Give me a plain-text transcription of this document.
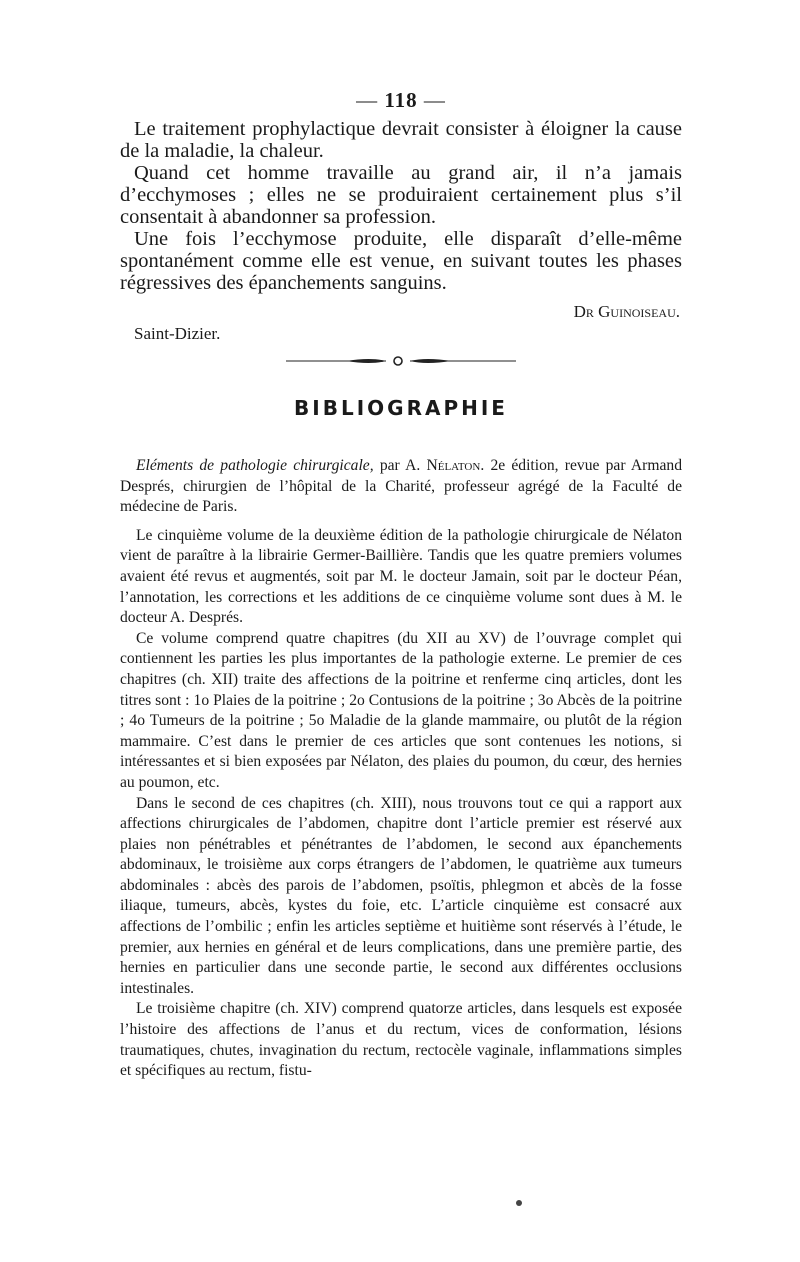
— 118 —

Le traitement prophylactique devrait consister à éloigner la cause de la maladie, la chaleur.

Quand cet homme travaille au grand air, il n’a jamais d’ecchymoses ; elles ne se produiraient certainement plus s’il consentait à abandonner sa profession.

Une fois l’ecchymose produite, elle disparaît d’elle-même spontanément comme elle est venue, en suivant toutes les phases régressives des épanchements sanguins.

Dr Guinoiseau.
Saint-Dizier.
BIBLIOGRAPHIE

Eléments de pathologie chirurgicale, par A. Nélaton. 2e édition, revue par Armand Després, chirurgien de l’hôpital de la Charité, professeur agrégé de la Faculté de médecine de Paris.

Le cinquième volume de la deuxième édition de la pathologie chirurgicale de Nélaton vient de paraître à la librairie Germer-Baillière. Tandis que les quatre premiers volumes avaient été revus et augmentés, soit par M. le docteur Jamain, soit par le docteur Péan, l’annotation, les corrections et les additions de ce cinquième volume sont dues à M. le docteur A. Després.

Ce volume comprend quatre chapitres (du XII au XV) de l’ouvrage complet qui contiennent les parties les plus importantes de la pathologie externe. Le premier de ces chapitres (ch. XII) traite des affections de la poitrine et renferme cinq articles, dont les titres sont : 1o Plaies de la poitrine ; 2o Contusions de la poitrine ; 3o Abcès de la poitrine ; 4o Tumeurs de la poitrine ; 5o Maladie de la glande mammaire, ou plutôt de la région mammaire. C’est dans le premier de ces articles que sont contenues les notions, si intéressantes et si bien exposées par Nélaton, des plaies du poumon, du cœur, des hernies au poumon, etc.

Dans le second de ces chapitres (ch. XIII), nous trouvons tout ce qui a rapport aux affections chirurgicales de l’abdomen, chapitre dont l’article premier est réservé aux plaies non pénétrables et pénétrantes de l’abdomen, le second aux épanchements abdominaux, le troisième aux corps étrangers de l’abdomen, le quatrième aux tumeurs abdominales : abcès des parois de l’abdomen, psoïtis, phlegmon et abcès de la fosse iliaque, tumeurs, abcès, kystes du foie, etc. L’article cinquième est consacré aux affections de l’ombilic ; enfin les articles septième et huitième sont réservés à l’étude, le premier, aux hernies en général et de leurs complications, dans une première partie, des hernies en particulier dans une seconde partie, le second aux différentes occlusions intestinales.

Le troisième chapitre (ch. XIV) comprend quatorze articles, dans lesquels est exposée l’histoire des affections de l’anus et du rectum, vices de conformation, lésions traumatiques, chutes, invagination du rectum, rectocèle vaginale, inflammations simples et spécifiques au rectum, fistu-
